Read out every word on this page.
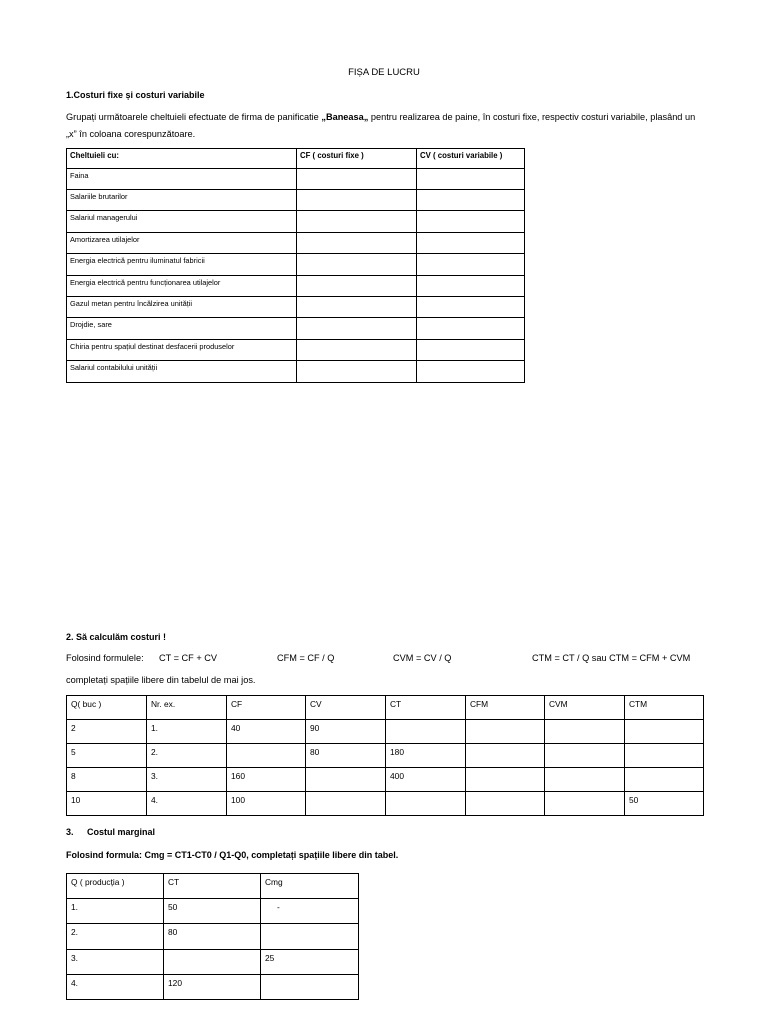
FIȘA DE LUCRU
1.Costuri fixe și costuri variabile
Grupați următoarele cheltuieli efectuate de firma de panificatie „Baneasa„ pentru realizarea de paine, în costuri fixe, respectiv costuri variabile, plasând un
„x” în coloana corespunzătoare.
Cheltuieli cu:	CF ( costuri fixe )	CV ( costuri variabile )
Faina		
Salariile brutarilor		
Salariul managerului		
Amortizarea utilajelor		
Energia electrică pentru iluminatul fabricii		
Energia electrică pentru funcționarea utilajelor		
Gazul metan pentru încălzirea unității		
Drojdie, sare		
Chiria pentru spațiul destinat desfacerii produselor		
Salariul contabilului unității		
2. Să calculăm costuri !
Folosind formulele: CT = CF + CV	CFM = CF / Q	CVM = CV / Q	CTM = CT / Q sau CTM = CFM + CVM
completați spațiile libere din tabelul de mai jos.
Q( buc )	Nr. ex.	CF	CV	CT	CFM	CVM	CTM
2	1.	40	90				
5	2.		80	180			
8	3.	160		400			
10	4.	100					50
3. Costul marginal
Folosind formula: Cmg = CT1-CT0 / Q1-Q0, completați spațiile libere din tabel.
Q ( producția )	CT	Cmg
1.	50	-
2.	80	
3.		25
4.	120	
